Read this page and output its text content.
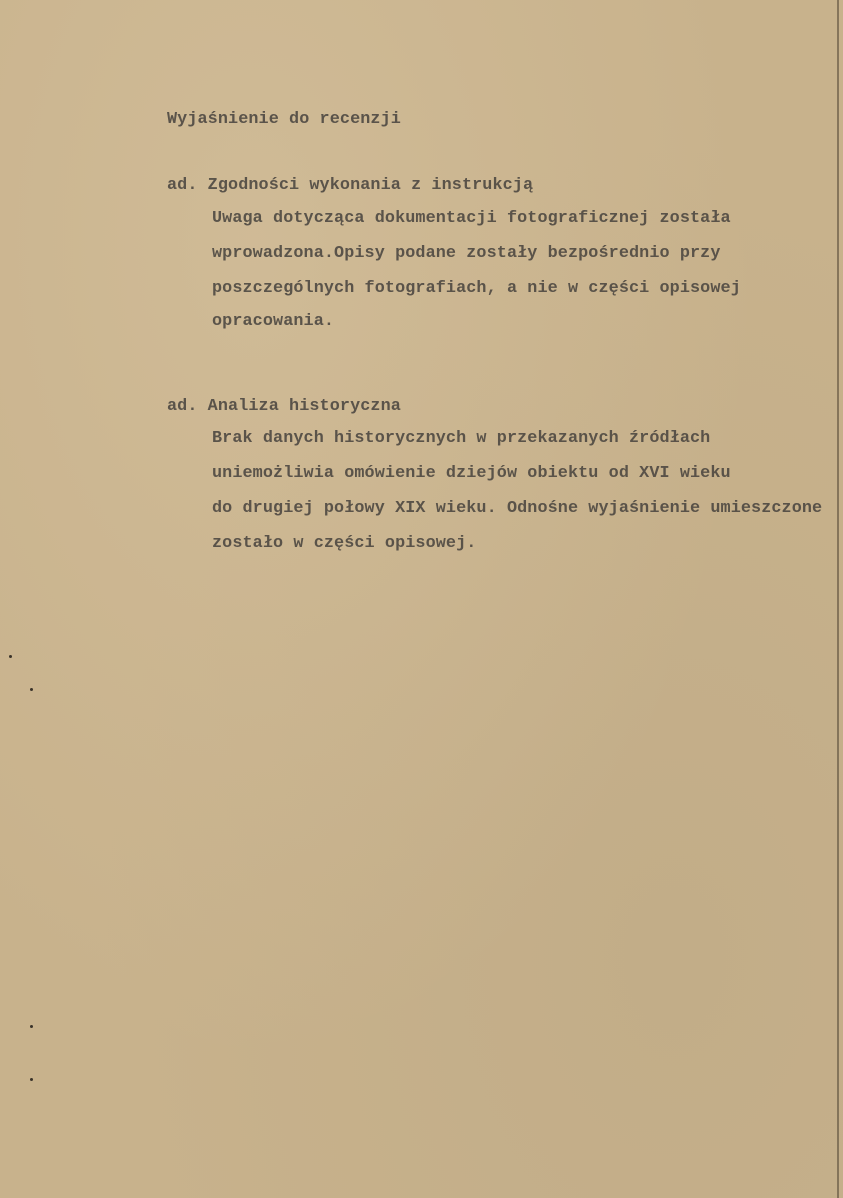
Wyjaśnienie do recenzji
ad. Zgodności wykonania z instrukcją
Uwaga dotycząca dokumentacji fotograficznej została
wprowadzona.Opisy podane zostały bezpośrednio przy
poszczególnych fotografiach, a nie w części opisowej
opracowania.
ad. Analiza historyczna
Brak danych historycznych w przekazanych źródłach
uniemożliwia omówienie dziejów obiektu od XVI wieku
do drugiej połowy XIX wieku. Odnośne wyjaśnienie umieszczone
zostało w części opisowej.
